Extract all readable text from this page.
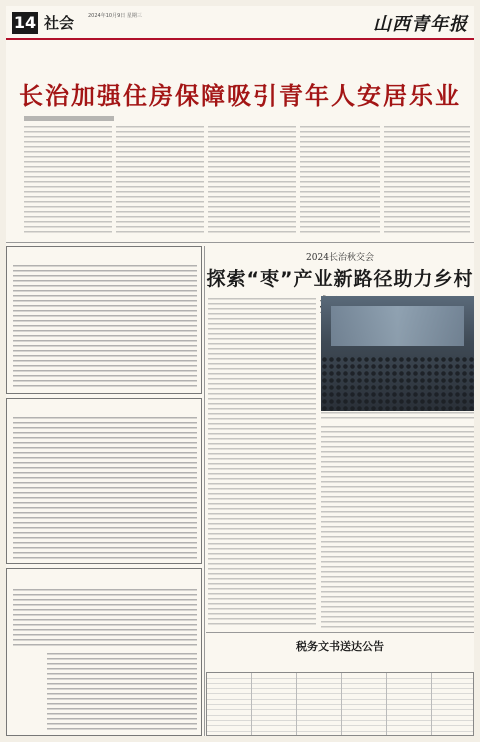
14 社会	2024年10月9日 星期三	山西青年报
长治加强住房保障吸引青年人安居乐业
2024长治秋交会
探索“枣”产业新路径助力乡村
税务文书送达公告
